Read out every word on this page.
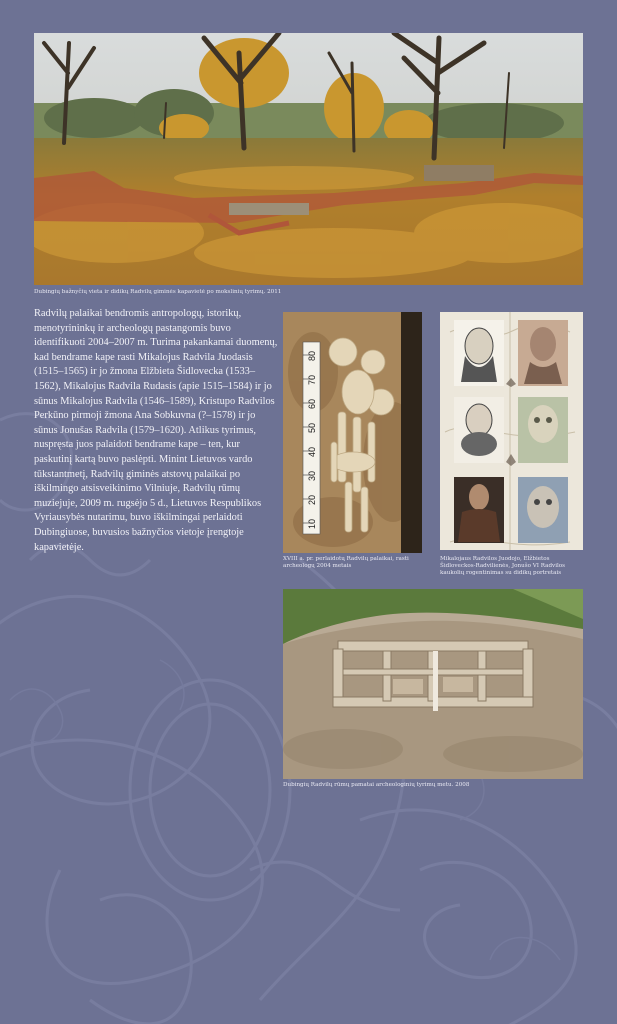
Dubingių bažnyčių vieta ir didikų Radvilų giminės kapavietė po mokslinių tyrimų. 2011
Radvilų palaikai bendromis antropologų, istorikų, menotyrininkų ir archeologų pastangomis buvo identifikuoti 2004–2007 m. Turima pakankamai duomenų, kad bendrame kape rasti Mikalojus Radvila Juodasis (1515–1565) ir jo žmona Elžbieta Šidlovecka (1533–1562), Mikalojus Radvila Rudasis (apie 1515–1584) ir jo sūnus Mikalojus Radvila (1546–1589), Kristupo Radvilos Perkūno pirmoji žmona Ana Sobkuvna (?–1578) ir jo sūnus Jonušas Radvila (1579–1620). Atlikus tyrimus, nuspręsta juos palaidoti bendrame kape – ten, kur paskutinį kartą buvo paslėpti. Minint Lietuvos vardo tūkstantmetį, Radvilų giminės atstovų palaikai po iškilmingo atsisveikinimo Vilniuje, Radvilų rūmų muziejuje, 2009 m. rugsėjo 5 d., Lietuvos Respublikos Vyriausybės nutarimu, buvo iškilmingai perlaidoti Dubingiuose, buvusios bažnyčios vietoje įrengtoje kapavietėje.
80
70
60
50
40
30
20
10
XVIII a. pr. perlaidotų Radvilų palaikai, rasti archeologų 2004 metais
Mikalojaus Radvilos Juodojo, Elžbietos Šidloveckos-Radvilienės, Jonušo VI Radvilos kaukolių rogentinimas su didikų portretais
Dubingių Radvilų rūmų pamatai archeologinių tyrimų metu. 2008
